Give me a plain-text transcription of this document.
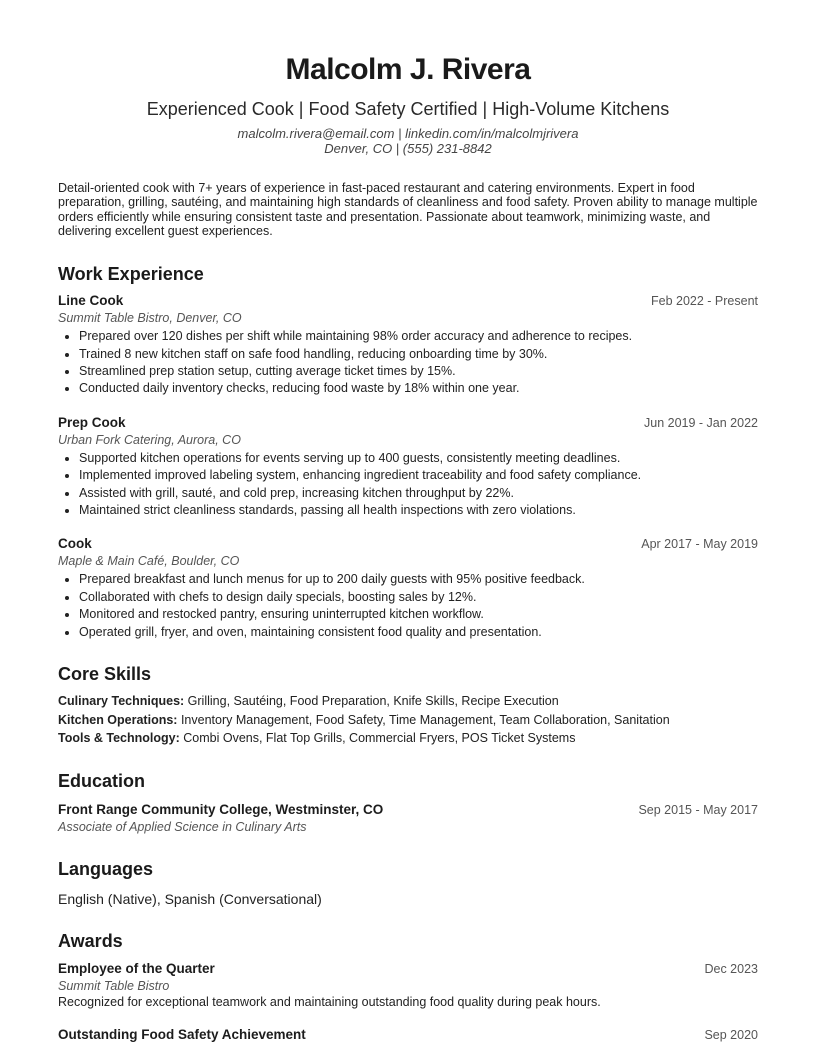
Malcolm J. Rivera
Experienced Cook | Food Safety Certified | High-Volume Kitchens
malcolm.rivera@email.com | linkedin.com/in/malcolmjrivera
Denver, CO | (555) 231-8842
Detail-oriented cook with 7+ years of experience in fast-paced restaurant and catering environments. Expert in food preparation, grilling, sautéing, and maintaining high standards of cleanliness and food safety. Proven ability to manage multiple orders efficiently while ensuring consistent taste and presentation. Passionate about teamwork, minimizing waste, and delivering excellent guest experiences.
Work Experience
Line Cook	Feb 2022 - Present
Summit Table Bistro, Denver, CO
• Prepared over 120 dishes per shift while maintaining 98% order accuracy and adherence to recipes.
• Trained 8 new kitchen staff on safe food handling, reducing onboarding time by 30%.
• Streamlined prep station setup, cutting average ticket times by 15%.
• Conducted daily inventory checks, reducing food waste by 18% within one year.
Prep Cook	Jun 2019 - Jan 2022
Urban Fork Catering, Aurora, CO
• Supported kitchen operations for events serving up to 400 guests, consistently meeting deadlines.
• Implemented improved labeling system, enhancing ingredient traceability and food safety compliance.
• Assisted with grill, sauté, and cold prep, increasing kitchen throughput by 22%.
• Maintained strict cleanliness standards, passing all health inspections with zero violations.
Cook	Apr 2017 - May 2019
Maple & Main Café, Boulder, CO
• Prepared breakfast and lunch menus for up to 200 daily guests with 95% positive feedback.
• Collaborated with chefs to design daily specials, boosting sales by 12%.
• Monitored and restocked pantry, ensuring uninterrupted kitchen workflow.
• Operated grill, fryer, and oven, maintaining consistent food quality and presentation.
Core Skills
Culinary Techniques: Grilling, Sautéing, Food Preparation, Knife Skills, Recipe Execution
Kitchen Operations: Inventory Management, Food Safety, Time Management, Team Collaboration, Sanitation
Tools & Technology: Combi Ovens, Flat Top Grills, Commercial Fryers, POS Ticket Systems
Education
Front Range Community College, Westminster, CO	Sep 2015 - May 2017
Associate of Applied Science in Culinary Arts
Languages
English (Native), Spanish (Conversational)
Awards
Employee of the Quarter	Dec 2023
Summit Table Bistro
Recognized for exceptional teamwork and maintaining outstanding food quality during peak hours.
Outstanding Food Safety Achievement	Sep 2020
